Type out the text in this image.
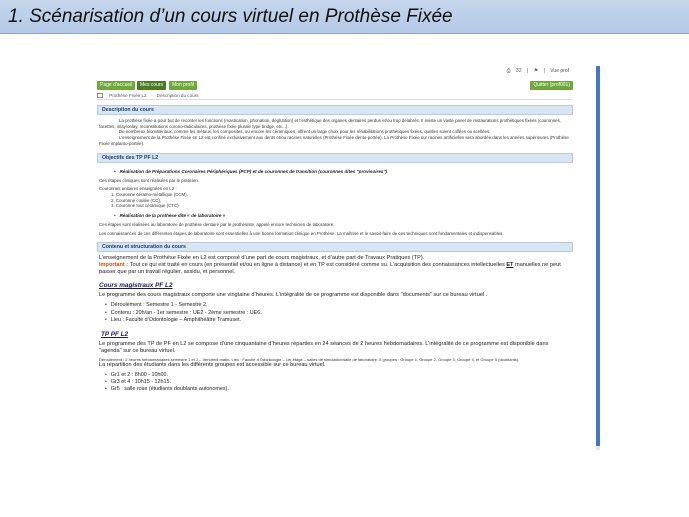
1. Scénarisation d’un cours virtuel en Prothèse Fixée
⎙ 32 | ⚑ | Vue prof
Page d'accueil	Mes cours	Mon profil	Quitter (prof001)
Prothèse Fixée L2 › Description du cours
Description du cours
La prothèse fixée a pour but de reconter les fonctions (mastication, phonation, déglutition) et l’esthétique des organes dentaires perdus et/ou trop délabrés. Il existe un vaste panel de restaurations prothétiques fixées (couronnes, facettes, inlay/onlay, reconstitutions corono-radiculaires, prothèse fixée plurale type bridge, etc...).
De nombreux biomatériaux, comme les métaux, les composites, ou encore les céramiques, offrent un large choix pour les réhabilitations prothétiques fixées, quelles soient collées ou scellées.
L’enseignement de la Prothèse Fixée en L2 est confiné exclusivement aux dents et/ou racines naturelles (Prothèse Fixée dento-portée). La Prothèse Fixée sur racines artificielles sera abordée dans les années supérieures (Prothèse Fixée implanto-portée).
Objectifs des TP PF L2
• Réalisation de Préparations Coronaires Périphériques (PCP) et de couronnes de transition (couronnes dites "provisoires")
Ces étapes cliniques sont réalisées par le praticien.
Couronnes unitaires enseignées en L2 :
1. Couronne céramo-métallique (CCM),
2. Couronne coulée (CC),
3. Couronne tout céramique (CTC)
• Réalisation de la prothèse dite « de laboratoire »
Ces étapes sont réalisées au laboratoire de prothèse dentaire par le prothésiste, appelé encore technicien de laboratoire.
Les connaissances de ces différentes étapes de laboratoire sont essentielles à une bonne formation clinique en Prothèse. La maîtrise et le savoir-faire de ces techniques sont fondamentales et indispensables.
Contenu et structuration du cours
L’enseignement de la Prothèse Fixée en L2 est composé d’une part de cours magistraux, et d’autre part de Travaux Pratiques (TP).
Important : Tout ce qui est traité en cours (en présentiel et/ou en ligne à distance) et en TP est considéré comme su. L’acquisition des connaissances intellectuelles ET manuelles ne peut passer que par un travail régulier, assidu, et personnel.
Cours magistraux PF L2
Le programme des cours magistraux comporte une vingtaine d’heures. L’intégralité de ce programme est disponible dans "documents" sur ce bureau virtuel .
• Déroulement : Semestre 1 - Semestre 2.
• Contenu : 20h/an - 1er semestre : UE2 - 2ème semestre : UE6.
• Lieu : Faculté d’Odontologie – Amphithéâtre Tramuset.
TP PF L2
Le programme des TP de PF en L2 se compose d’une cinquantaine d’heures réparties en 24 séances de 2 heures hebdomadaires. L’intégralité de ce programme est disponible dans "agenda" sur ce bureau virtuel.
Déroulement : 2 heures hebdomadaires semestre 1 et 2 – Vendredi matin. Lieu : Faculté d’Odontologie – 1er étage – salles de simulation/salle de laboratoire. 5 groupes : Groupe 1, Groupe 2, Groupe 3, Groupe 4, et Groupe 5 (doublants).
La répartition des étudiants dans les différents groupes est accessible sur ce bureau virtuel.
• Gr1 et 2 : 8h00 - 10h00.
• Gr3 et 4 : 10h15 - 12h15.
• Gr5 : salle rose (étudiants doublants autonomes).
